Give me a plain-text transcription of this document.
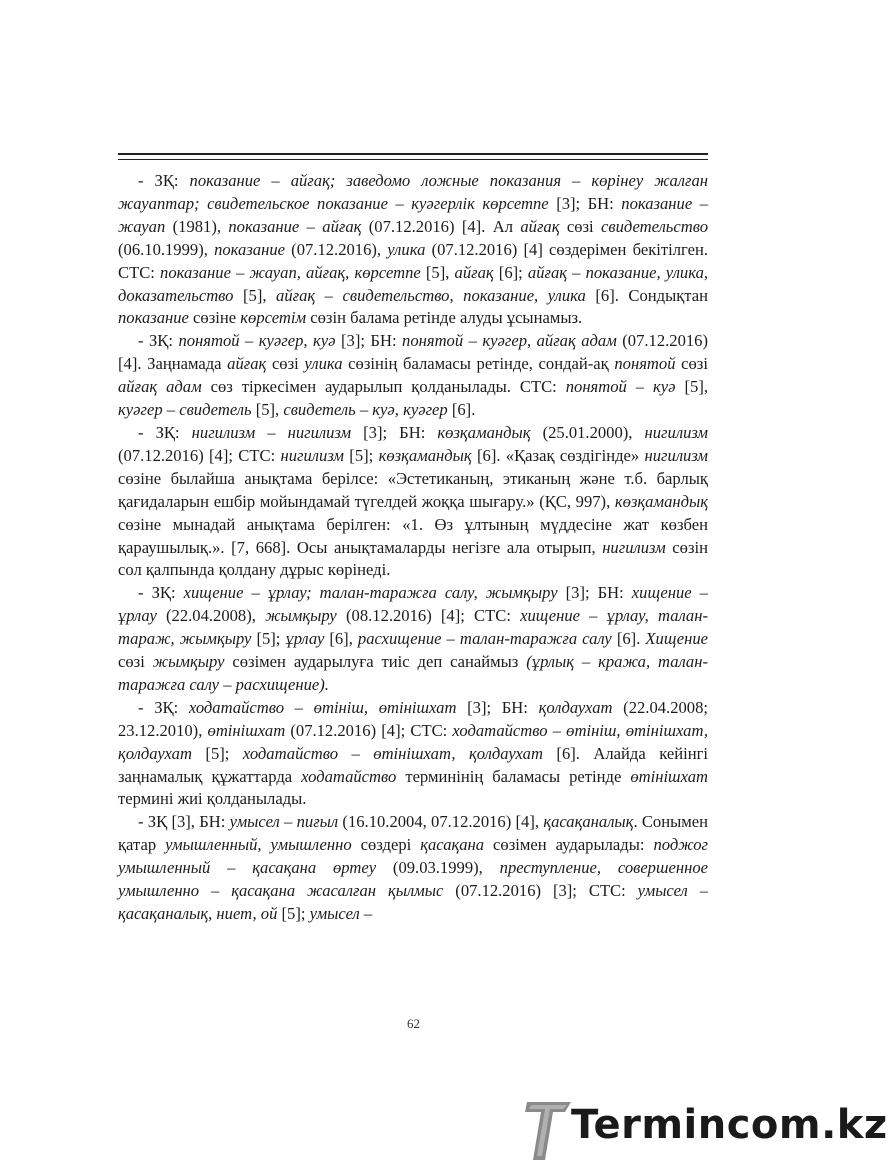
- ЗҚ: показание – айғақ; заведомо ложные показания – көрінеу жалған жауаптар; свидетельское показание – куәгерлік көрсетпе [3]; БН: показание – жауап (1981), показание – айғақ (07.12.2016) [4]. Ал айғақ сөзі свидетельство (06.10.1999), показание (07.12.2016), улика (07.12.2016) [4] сөздерімен бекітілген. СТС: показание – жауап, айғақ, көрсетпе [5], айғақ [6]; айғақ – показание, улика, доказательство [5], айғақ – свидетельство, показание, улика [6]. Сондықтан показание сөзіне көрсетім сөзін балама ретінде алуды ұсынамыз.

- ЗҚ: понятой – куәгер, куә [3]; БН: понятой – куәгер, айғақ адам (07.12.2016) [4]. Заңнамада айғақ сөзі улика сөзінің баламасы ретінде, сондай-ақ понятой сөзі айғақ адам сөз тіркесімен аударылып қолданылады. СТС: понятой – куә [5], куәгер – свидетель [5], свидетель – куә, куәгер [6].

- ЗҚ: нигилизм – нигилизм [3]; БН: көзқамандық (25.01.2000), нигилизм (07.12.2016) [4]; СТС: нигилизм [5]; көзқамандық [6]. «Қазақ сөздігінде» нигилизм сөзіне былайша анықтама берілсе: «Эстетиканың, этиканың және т.б. барлық қағидаларын ешбір мойындамай түгелдей жоққа шығару.» (ҚС, 997), көзқамандық сөзіне мынадай анықтама берілген: «1. Өз ұлтының мүддесіне жат көзбен қараушылық.». [7, 668]. Осы анықтамаларды негізге ала отырып, нигилизм сөзін сол қалпында қолдану дұрыс көрінеді.

- ЗҚ: хищение – ұрлау; талан-таражға салу, жымқыру [3]; БН: хищение – ұрлау (22.04.2008), жымқыру (08.12.2016) [4]; СТС: хищение – ұрлау, талан-тараж, жымқыру [5]; ұрлау [6], расхищение – талан-таражға салу [6]. Хищение сөзі жымқыру сөзімен аударылуға тиіс деп санаймыз (ұрлық – кража, талан-таражға салу – расхищение).

- ЗҚ: ходатайство – өтініш, өтінішхат [3]; БН: қолдаухат (22.04.2008; 23.12.2010), өтінішхат (07.12.2016) [4]; СТС: ходатайство – өтініш, өтінішхат, қолдаухат [5]; ходатайство – өтінішхат, қолдаухат [6]. Алайда кейінгі заңнамалық құжаттарда ходатайство терминінің баламасы ретінде өтінішхат термині жиі қолданылады.

- ЗҚ [3], БН: умысел – пиғыл (16.10.2004, 07.12.2016) [4], қасақаналық. Сонымен қатар умышленный, умышленно сөздері қасақана сөзімен аударылады: поджог умышленный – қасақана өртеу (09.03.1999), преступление, совершенное умышленно – қасақана жасалған қылмыс (07.12.2016) [3]; СТС: умысел – қасақаналық, ниет, ой [5]; умысел –

62
Termincom.kz
